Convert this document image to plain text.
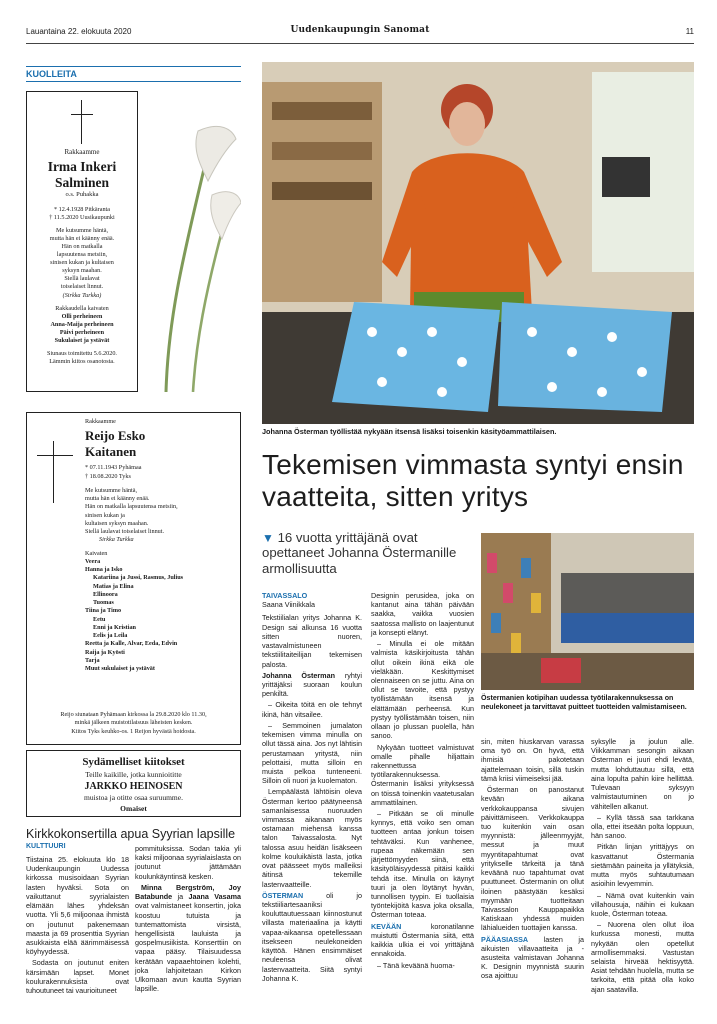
Lauantaina 22. elokuuta 2020	Uudenkaupungin Sanomat	11
KUOLLEITA
Rakkaamme
Irma Inkeri
Salminen
o.s. Puhakka
* 12.4.1928 Pitkäranta
† 11.5.2020 Uusikaupunki
Me kutsumme häntä,
mutta hän ei käänny enää.
Hän on matkalla
lapsuutensa metsiin,
sinisen kukan ja kultaisen
syksyn maahan.
Siellä laulavat
toiselaiset linnut.
(Sirkka Turkka)
Rakkaudella kaivaten
Olli perheineen
Anna-Maija perheineen
Päivi perheineen
Sukulaiset ja ystävät
Siunaus toimitettu 5.6.2020.
Lämmin kiitos osanotosta.
Rakkaamme
Reijo Esko
Kaitanen
* 07.11.1943 Pyhämaa
† 18.08.2020 Tyks
Me kutsumme häntä,
mutta hän ei käänny enää.
Hän on matkalla lapsuutensa metsiin,
sinisen kukan ja
kultaisen syksyn maahan.
Siellä laulavat toiselaiset linnut.
Sirkka Turkka
Kaivaten
Veera
Hanna ja Isko
Katariina ja Jussi, Rasmus, Julius
Matias ja Elina
Ellinoora
Tuomas
Tiina ja Timo
Eetu
Enni ja Kristian
Eelis ja Leila
Reetta ja Kalle, Alvar, Eeda, Edvin
Raija ja Kyösti
Tarja
Muut sukulaiset ja ystävät
Reijo siunataan Pyhämaan kirkossa la 29.8.2020 klo 11.30,
minkä jälkeen muistotilaisuus läheisten kesken.
Kiitos Tyks keuhko-os. 1 Reijon hyvästä hoidosta.
Sydämelliset kiitokset
Teille kaikille, jotka kunnioititte
JARKKO HEINOSEN
muistoa ja otitte osaa suruumme.
Omaiset
Kirkkokonsertilla apua Syyrian lapsille
KULTTUURI

Tiistaina 25. elokuuta klo 18 Uudenkaupungin Uudessa kirkossa musisoidaan Syyrian lasten hyväksi. Sota on vaikuttanut syyrialaisten elämään lähes yhdeksän vuotta. Yli 5,6 miljoonaa ihmistä on joutunut pakenemaan maasta ja 69 prosenttia Syyrian asukkaista elää äärimmäisessä köyhyydessä.

Sodasta on joutunut eniten kärsimään lapset. Monet koulurakennuksista ovat tuhoutuneet tai vaurioituneet

pommituksissa. Sodan takia yli kaksi miljoonaa syyrialaislasta on joutunut jättämään koulunkäyntinsä kesken.

Minna Bergström, Joy Batabunde ja Jaana Vasama ovat valmistaneet konsertin, joka koostuu tutuista ja tuntemattomista virsistä, hengellisistä lauluista ja gospelmusiikista. Konserttiin on vapaa pääsy. Tilaisuudessa kerätään vapaaehtoinen kolehti, joka lahjoitetaan Kirkon Ulkomaan avun kautta Syyrian lapsille.

Johanna Österman työllistää nykyään itsensä lisäksi toisenkin käsityöammattilaisen.
Tekemisen vimmasta syntyi ensin vaatteita, sitten yritys
▼ 16 vuotta yrittäjänä ovat opettaneet Johanna Östermanille armollisuutta
Östermanien kotipihan uudessa työtilarakennuksessa on neulekoneet ja tarvittavat puitteet tuotteiden valmistamiseen.
TAIVASSALO
Saana Viinikkala

Tekstiilialan yritys Johanna K. Design sai alkunsa 16 vuotta sitten nuoren, vastavalmistuneen tekstiilitaiteilijan tekemisen palosta.

Johanna Österman ryhtyi yrittäjäksi suoraan koulun penkiltä.

– Oikeita töitä en ole tehnyt ikinä, hän vitsailee.

– Semmoinen jumalaton tekemisen vimma minulla on ollut tässä aina. Jos nyt lähtisin perustamaan yritystä, niin pelottaisi, mutta silloin en muista pelkoa tunteneeni. Silloin oli nuori ja kuolematon.

Lempäälästä lähtöisin oleva Österman kertoo päätyneensä samanlaisessa nuoruuden vimmassa aikanaan myös ostamaan miehensä kanssa talon Taivassalosta. Nyt talossa asuu heidän lisäkseen kolme kouluikäistä lasta, jotka ovat päässeet myös malleiksi äitinsä tekemille lastenvaatteille.

ÖSTERMAN	oli jo tekstiiliartesaaniksi kouluttautuessaan kiinnostunut villasta materiaalina ja käytti vapaa-aikaansa opetellessaan itsekseen neulekoneiden käyttöä. Hänen ensimmäiset neuleensa olivat lastenvaatteita. Siitä syntyi Johanna K.

Designin perusidea, joka on kantanut aina tähän päivään saakka, vaikka vuosien saatossa mallisto on laajentunut ja konsepti elänyt.

– Minulla ei ole mitään valmista käsikirjoitusta tähän ollut oikein ikinä eikä ole vieläkään. Keskittymiset olennaiseen on se juttu. Aina on ollut se tavoite, että pystyy työllistämään itsensä ja elättämään perheensä. Kun pystyy työllistämään toisen, niin ollaan jo plussan puolella, hän sanoo.

Nykyään tuotteet valmistuvat omalle pihalle hiljattain rakennettussa työtilarakennuksessa. Östermanin lisäksi yrityksessä on töissä toinenkin vaatetusalan ammattilainen.

– Pitkään se oli minulle kynnys, että voiko sen oman tuotteen antaa jonkun toisen tehtäväksi. Kun vanhenee, rupeaa näkemään sen järjettömyyden siinä, että käsityöläisyydessä pitäisi kaikki tehdä itse. Minulla on käynyt tuuri ja olen löytänyt hyvän, tunnollisen tyypin. Ei tuollaisia työntekijöitä kasva joka oksalla, Österman toteaa.

KEVÄÄN	koronatilanne muistutti Östermania siitä, että kaikkia ulkia ei voi yrittäjänä ennakoida.

– Tänä keväänä huoma-

sin, miten hiuskarvan varassa oma työ on. On hyvä, että ihmisiä pakotetaan ajattelemaan toisin, sillä tuskin tämä kriisi viimeiseksi jää.

Österman on panostanut kevään aikana verkkokauppansa sivujen päivittämiseen. Verkkokauppa tuo kuitenkin vain osan myynnistä: jälleenmyyjät, messut ja muut myyntitapahtumat ovat yritykselle tärkeitä ja tänä keväänä nuo tapahtumat ovat puuttuneet. Östermanin on ollut iloinen päästyään kesäksi myymään tuotteitaan Taivassalon Kauppapaikka Katiskaan yhdessä muiden lähialueiden tuottajien kanssa.

PÄÄASIASSA lasten ja aikuisten villavaatteita ja -asusteita valmistavan Johanna K. Designin myynnistä suurin osa ajoittuu

syksylle ja joulun alle. Viikkamman sesongin aikaan Österman ei juuri ehdi levätä, mutta lohduttautuu sillä, että aina lopulta pahin kiire hellittää. Tulevaan syksyyn valmistautuminen on jo vähitellen alkanut.

– Kyllä tässä saa tarkkana olla, ettei itseään polta loppuun, hän sanoo.

Pitkän linjan yrittäjyys on kasvattanut Östermania sietämään paineita ja yllätyksiä, mutta myös suhtautumaan asioihin levyemmin.

– Nämä ovat kuitenkin vain villahousuja, näihin ei kukaan kuole, Österman toteaa.

– Nuorena olen ollut iloa kurkussa monesti, mutta nykyään olen opetellut armollisemmaksi. Vastustan selaista hirveää hektisyyttä. Asiat tehdään huolella, mutta se tarkoita, että pitää olla koko ajan saatavilla.
